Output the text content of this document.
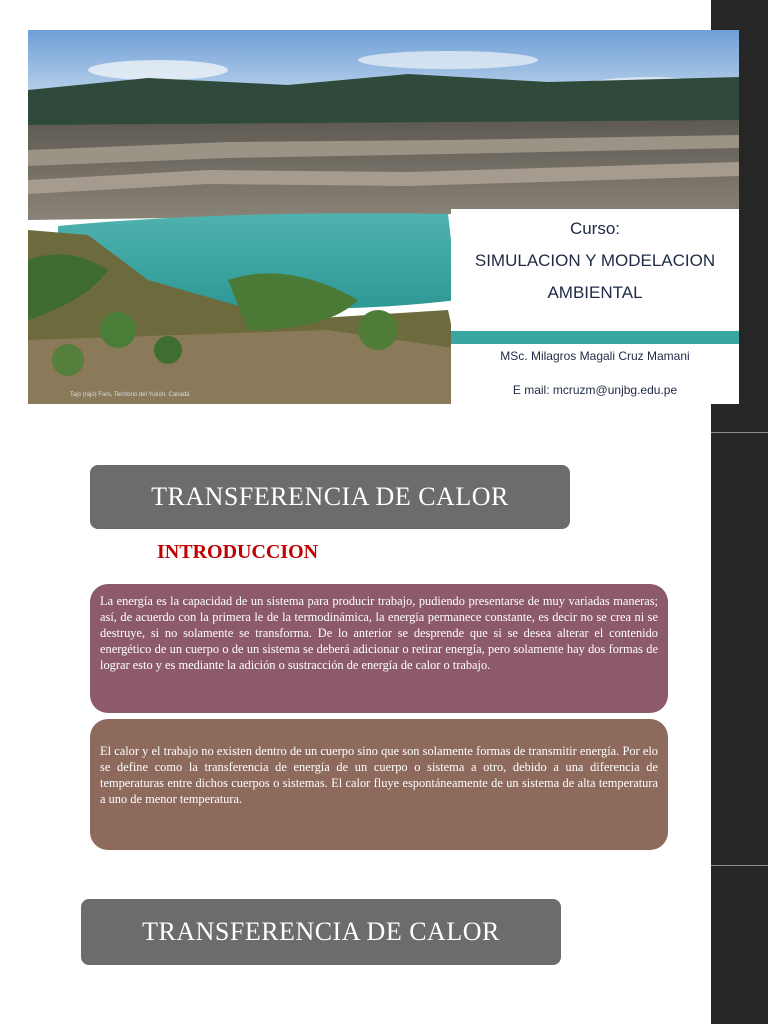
Tajo (rajo) Faro, Territorio del Yukón, Canadá
Curso:
SIMULACION Y MODELACION
AMBIENTAL
MSc. Milagros Magali Cruz Mamani
E mail: mcruzm@unjbg.edu.pe
TRANSFERENCIA DE CALOR
INTRODUCCION
La energía es la capacidad de un sistema para producir trabajo, pudiendo presentarse de muy variadas maneras; así, de acuerdo con la primera le de la termodinámica, la energía permanece constante, es decir no se crea ni se destruye, si no solamente se transforma. De lo anterior se desprende que si se desea alterar el contenido energético de un cuerpo o de un sistema se deberá adicionar o retirar energía, pero solamente hay dos formas de lograr esto y es mediante la adición o sustracción de energía de calor o trabajo.
El calor y el trabajo no existen dentro de un cuerpo sino que son solamente formas de transmitir energía. Por elo se define como la transferencia de energía de un cuerpo o sistema a otro, debido a una diferencia de temperaturas entre dichos cuerpos o sistemas. El calor fluye espontáneamente de un sistema de alta temperatura a uno de menor temperatura.
TRANSFERENCIA DE CALOR
